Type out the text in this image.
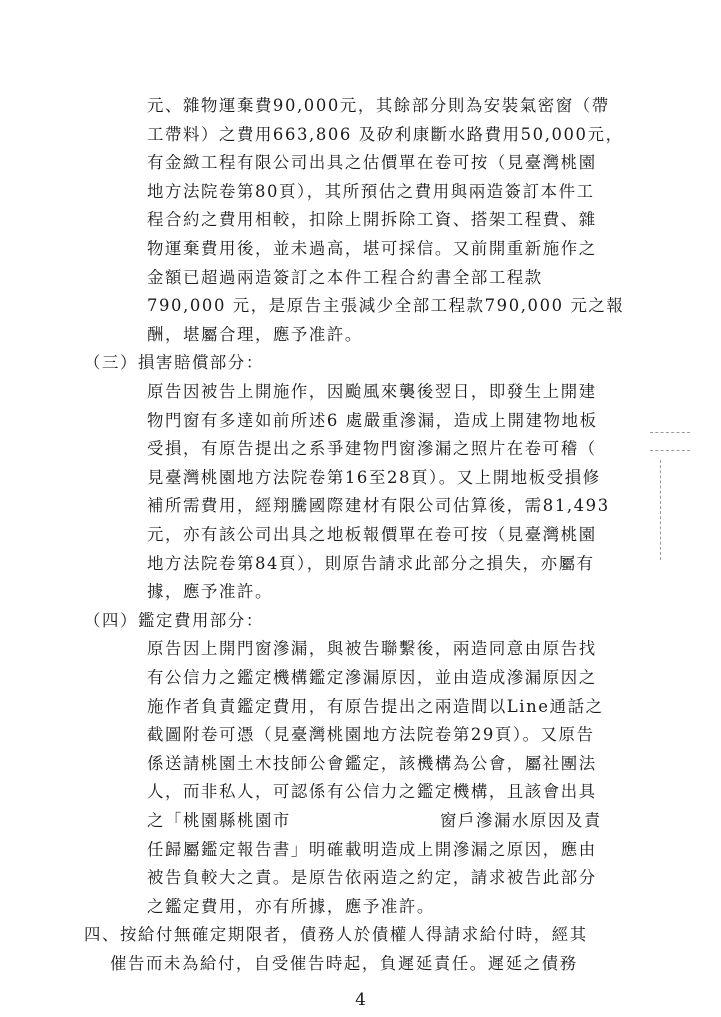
元、雜物運棄費90,000元，其餘部分則為安裝氣密窗（帶
工帶料）之費用663,806 及矽利康斷水路費用50,000元，
有金緻工程有限公司出具之估價單在卷可按（見臺灣桃園
地方法院卷第80頁），其所預估之費用與兩造簽訂本件工
程合約之費用相較，扣除上開拆除工資、搭架工程費、雜
物運棄費用後，並未過高，堪可採信。又前開重新施作之
金額已超過兩造簽訂之本件工程合約書全部工程款
790,000 元，是原告主張減少全部工程款790,000 元之報
酬，堪屬合理，應予准許。
（三）損害賠償部分：
原告因被告上開施作，因颱風來襲後翌日，即發生上開建
物門窗有多達如前所述6 處嚴重滲漏，造成上開建物地板
受損，有原告提出之系爭建物門窗滲漏之照片在卷可稽（
見臺灣桃園地方法院卷第16至28頁）。又上開地板受損修
補所需費用，經翔騰國際建材有限公司估算後，需81,493
元，亦有該公司出具之地板報價單在卷可按（見臺灣桃園
地方法院卷第84頁），則原告請求此部分之損失，亦屬有
據，應予准許。
（四）鑑定費用部分：
原告因上開門窗滲漏，與被告聯繫後，兩造同意由原告找
有公信力之鑑定機構鑑定滲漏原因，並由造成滲漏原因之
施作者負責鑑定費用，有原告提出之兩造間以Line通話之
截圖附卷可憑（見臺灣桃園地方法院卷第29頁）。又原告
係送請桃園土木技師公會鑑定，該機構為公會，屬社團法
人，而非私人，可認係有公信力之鑑定機構，且該會出具
之「桃園縣桃園市	窗戶滲漏水原因及責
任歸屬鑑定報告書」明確載明造成上開滲漏之原因，應由
被告負較大之責。是原告依兩造之約定，請求被告此部分
之鑑定費用，亦有所據，應予准許。
四、按給付無確定期限者，債務人於債權人得請求給付時，經其
催告而未為給付，自受催告時起，負遲延責任。遲延之債務
4
